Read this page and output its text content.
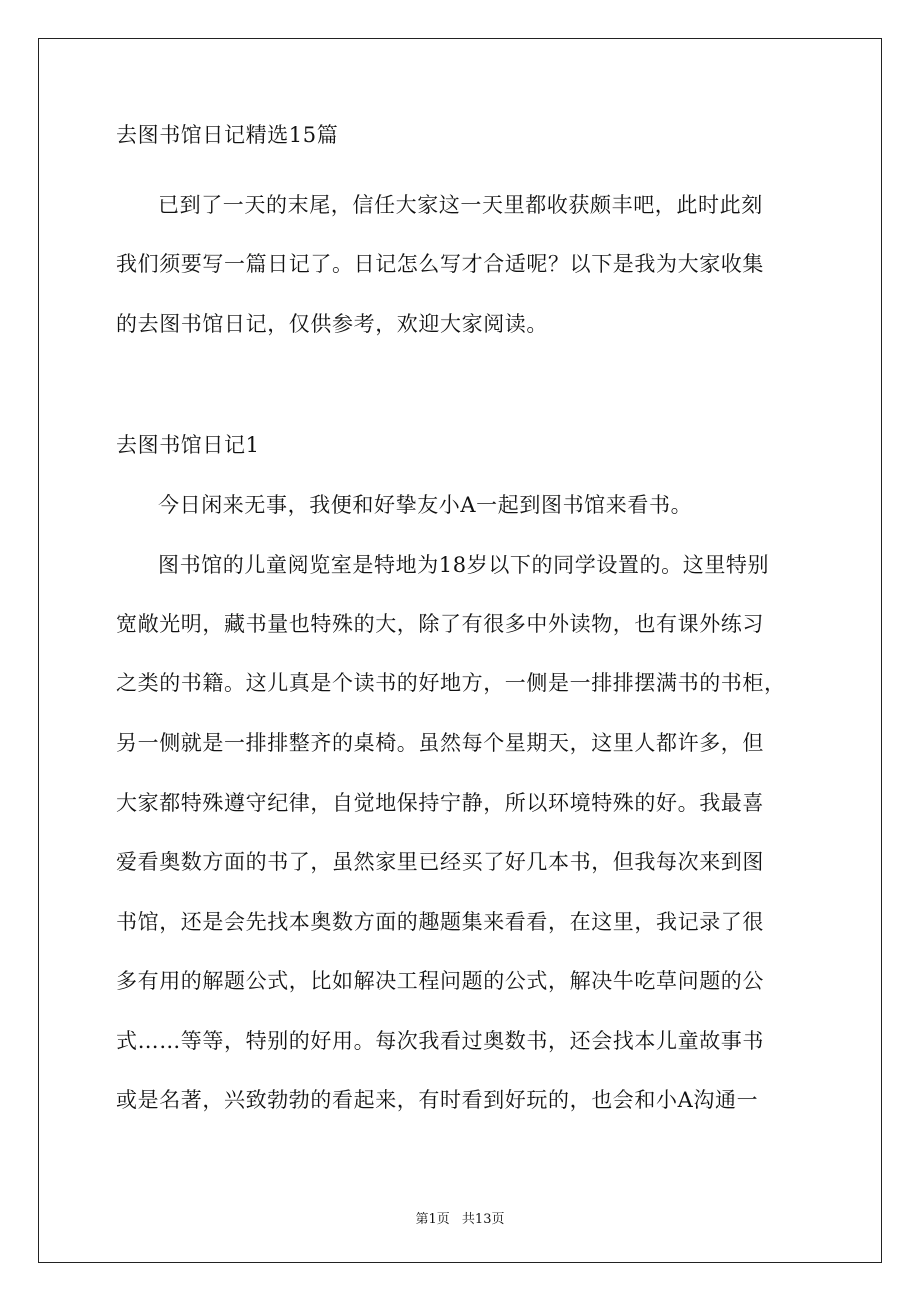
去图书馆日记精选15篇
已到了一天的末尾，信任大家这一天里都收获颇丰吧，此时此刻
我们须要写一篇日记了。日记怎么写才合适呢？以下是我为大家收集
的去图书馆日记，仅供参考，欢迎大家阅读。
去图书馆日记1
今日闲来无事，我便和好挚友小A一起到图书馆来看书。
图书馆的儿童阅览室是特地为18岁以下的同学设置的。这里特别
宽敞光明，藏书量也特殊的大，除了有很多中外读物，也有课外练习
之类的书籍。这儿真是个读书的好地方，一侧是一排排摆满书的书柜，
另一侧就是一排排整齐的桌椅。虽然每个星期天，这里人都许多，但
大家都特殊遵守纪律，自觉地保持宁静，所以环境特殊的好。我最喜
爱看奥数方面的书了，虽然家里已经买了好几本书，但我每次来到图
书馆，还是会先找本奥数方面的趣题集来看看，在这里，我记录了很
多有用的解题公式，比如解决工程问题的公式，解决牛吃草问题的公
式……等等，特别的好用。每次我看过奥数书，还会找本儿童故事书
或是名著，兴致勃勃的看起来，有时看到好玩的，也会和小A沟通一
第1页 共13页
